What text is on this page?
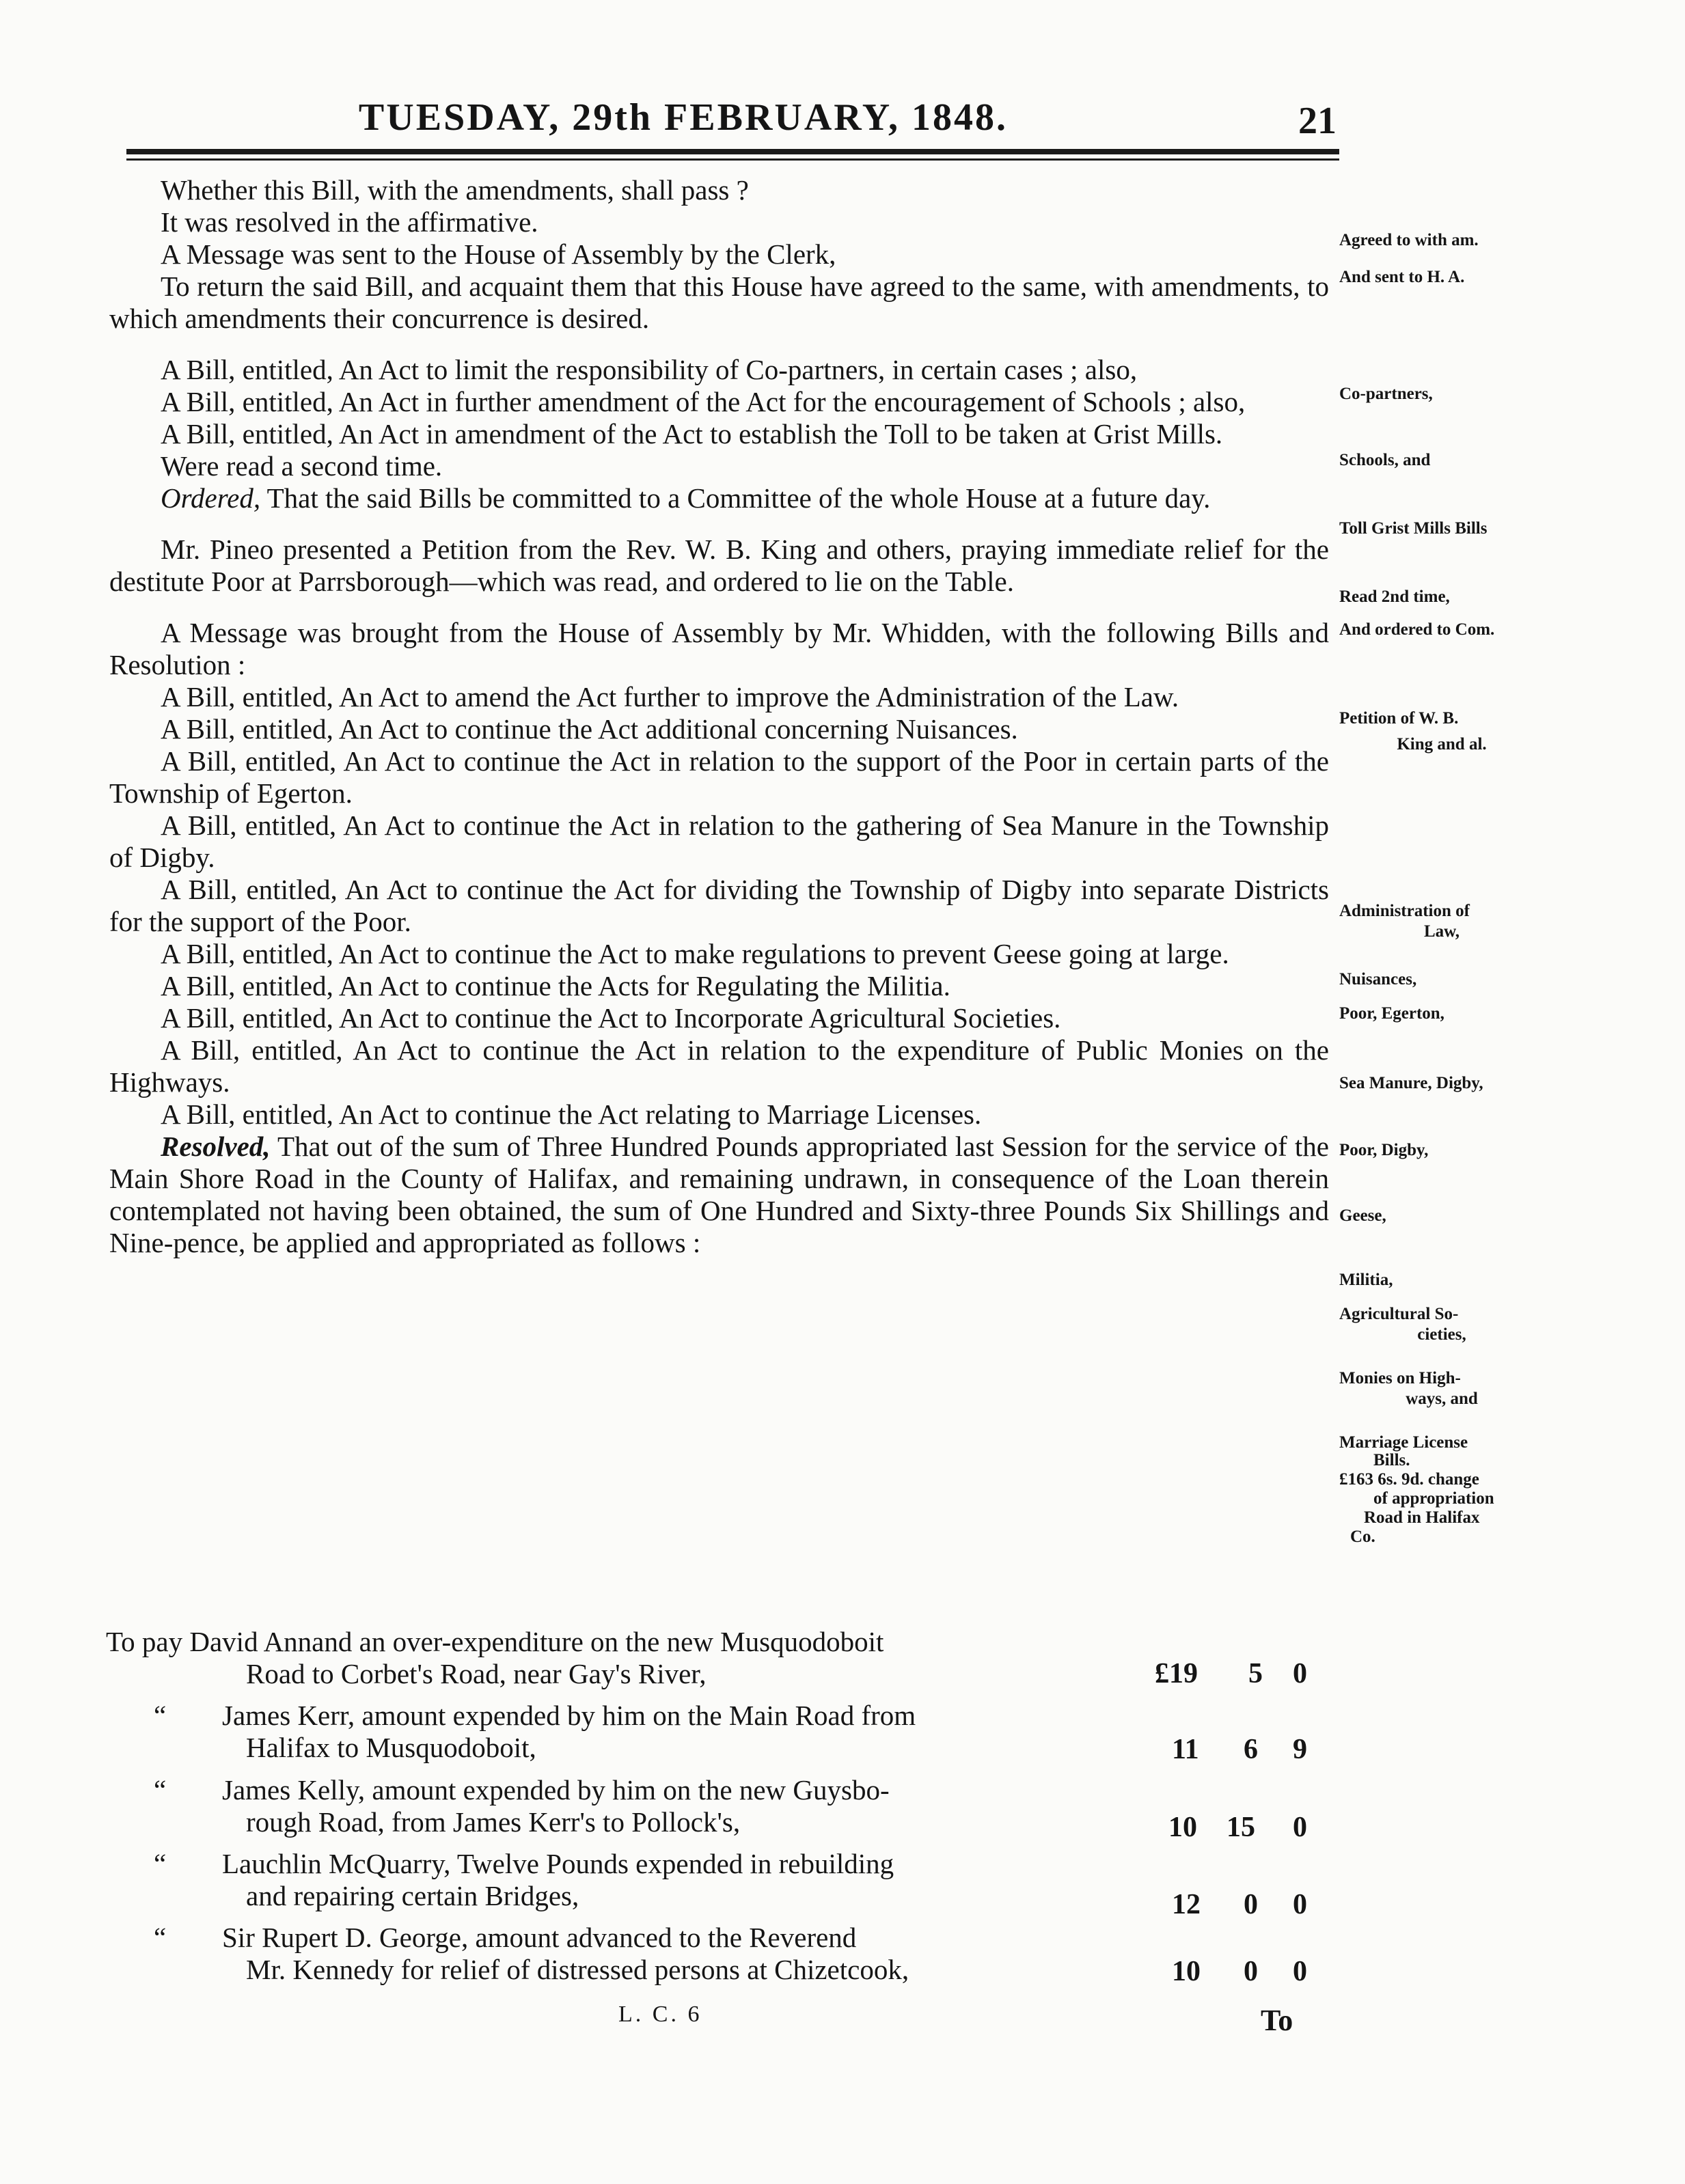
TUESDAY, 29th FEBRUARY, 1848.	21

Whether this Bill, with the amendments, shall pass ?

It was resolved in the affirmative.

A Message was sent to the House of Assembly by the Clerk,

To return the said Bill, and acquaint them that this House have agreed to the same, with amendments, to which amendments their concurrence is desired.

A Bill, entitled, An Act to limit the responsibility of Co-partners, in certain cases ; also,

A Bill, entitled, An Act in further amendment of the Act for the encouragement of Schools ; also,

A Bill, entitled, An Act in amendment of the Act to establish the Toll to be taken at Grist Mills.

Were read a second time.

Ordered, That the said Bills be committed to a Committee of the whole House at a future day.

Mr. Pineo presented a Petition from the Rev. W. B. King and others, praying immediate relief for the destitute Poor at Parrsborough—which was read, and ordered to lie on the Table.

A Message was brought from the House of Assembly by Mr. Whidden, with the following Bills and Resolution :

A Bill, entitled, An Act to amend the Act further to improve the Administration of the Law.

A Bill, entitled, An Act to continue the Act additional concerning Nuisances.

A Bill, entitled, An Act to continue the Act in relation to the support of the Poor in certain parts of the Township of Egerton.

A Bill, entitled, An Act to continue the Act in relation to the gathering of Sea Manure in the Township of Digby.

A Bill, entitled, An Act to continue the Act for dividing the Township of Digby into separate Districts for the support of the Poor.

A Bill, entitled, An Act to continue the Act to make regulations to prevent Geese going at large.

A Bill, entitled, An Act to continue the Acts for Regulating the Militia.

A Bill, entitled, An Act to continue the Act to Incorporate Agricultural Societies.

A Bill, entitled, An Act to continue the Act in relation to the expenditure of Public Monies on the Highways.

A Bill, entitled, An Act to continue the Act relating to Marriage Licenses.

Resolved, That out of the sum of Three Hundred Pounds appropriated last Session for the service of the Main Shore Road in the County of Halifax, and remaining undrawn, in consequence of the Loan therein contemplated not having been obtained, the sum of One Hundred and Sixty-three Pounds Six Shillings and Nine-pence, be applied and appropriated as follows :

Agreed to with am.
And sent to H. A.
Co-partners,
Schools, and
Toll Grist Mills Bills
Read 2nd time,
And ordered to Com.
Petition of W. B.
King and al.
Administration of
Law,
Nuisances,
Poor, Egerton,
Sea Manure, Digby,
Poor, Digby,
Geese,
Militia,
Agricultural So-
cieties,
Monies on High-
ways, and
Marriage License
Bills.
£163 6s. 9d. change
of appropriation
Road in Halifax
Co.
To pay David Annand an over-expenditure on the new Musquodoboit
Road to Corbet's Road, near Gay's River,	£19 5 0
“ James Kerr, amount expended by him on the Main Road from
Halifax to Musquodoboit,	11 6 9
“ James Kelly, amount expended by him on the new Guysbo-
rough Road, from James Kerr's to Pollock's,	10 15 0
“ Lauchlin McQuarry, Twelve Pounds expended in rebuilding
and repairing certain Bridges,	12 0 0
“ Sir Rupert D. George, amount advanced to the Reverend
Mr. Kennedy for relief of distressed persons at Chizetcook,	10 0 0
L. C. 6	To
